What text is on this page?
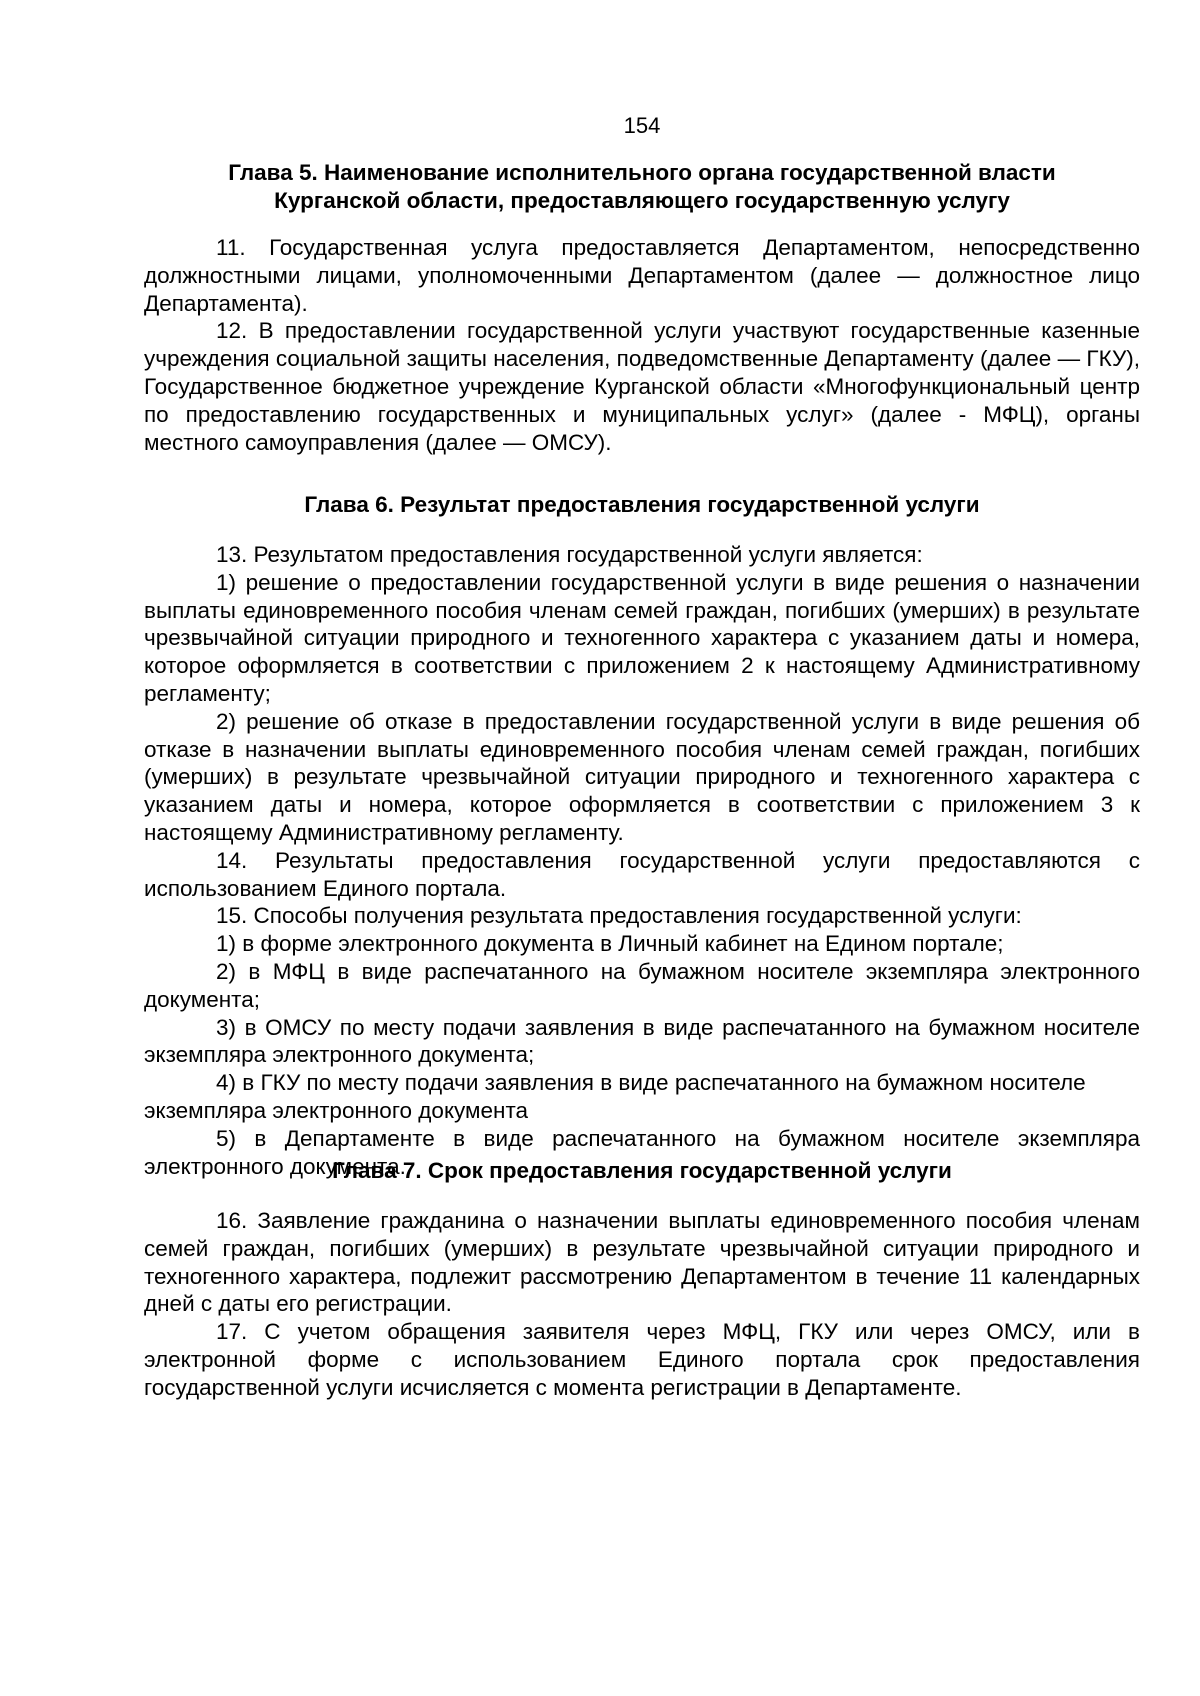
154
Глава 5. Наименование исполнительного органа государственной власти
Курганской области, предоставляющего государственную услугу

11. Государственная услуга предоставляется Департаментом, непосредственно должностными лицами, уполномоченными Департаментом (далее — должностное лицо Департамента).

12. В предоставлении государственной услуги участвуют государственные казенные учреждения социальной защиты населения, подведомственные Департаменту (далее — ГКУ), Государственное бюджетное учреждение Курганской области «Многофункциональный центр по предоставлению государственных и муниципальных услуг» (далее - МФЦ), органы местного самоуправления (далее — ОМСУ).

Глава 6. Результат предоставления государственной услуги

13. Результатом предоставления государственной услуги является:

1) решение о предоставлении государственной услуги в виде решения о назначении выплаты единовременного пособия членам семей граждан, погибших (умерших) в результате чрезвычайной ситуации природного и техногенного характера с указанием даты и номера, которое оформляется в соответствии с приложением 2 к настоящему Административному регламенту;

2) решение об отказе в предоставлении государственной услуги в виде решения об отказе в назначении выплаты единовременного пособия членам семей граждан, погибших (умерших) в результате чрезвычайной ситуации природного и техногенного характера с указанием даты и номера, которое оформляется в соответствии с приложением 3 к настоящему Административному регламенту.

14. Результаты предоставления государственной услуги предоставляются с использованием Единого портала.

15. Способы получения результата предоставления государственной услуги:

1) в форме электронного документа в Личный кабинет на Едином портале;

2) в МФЦ в виде распечатанного на бумажном носителе экземпляра электронного документа;

3) в ОМСУ по месту подачи заявления в виде распечатанного на бумажном носителе экземпляра электронного документа;

4) в ГКУ по месту подачи заявления в виде распечатанного на бумажном носителе экземпляра электронного документа

5) в Департаменте в виде распечатанного на бумажном носителе экземпляра электронного документа.

Глава 7. Срок предоставления государственной услуги

16. Заявление гражданина о назначении выплаты единовременного пособия членам семей граждан, погибших (умерших) в результате чрезвычайной ситуации природного и техногенного характера, подлежит рассмотрению Департаментом в течение 11 календарных дней с даты его регистрации.

17. С учетом обращения заявителя через МФЦ, ГКУ или через ОМСУ, или в электронной форме с использованием Единого портала срок предоставления государственной услуги исчисляется с момента регистрации в Департаменте.
